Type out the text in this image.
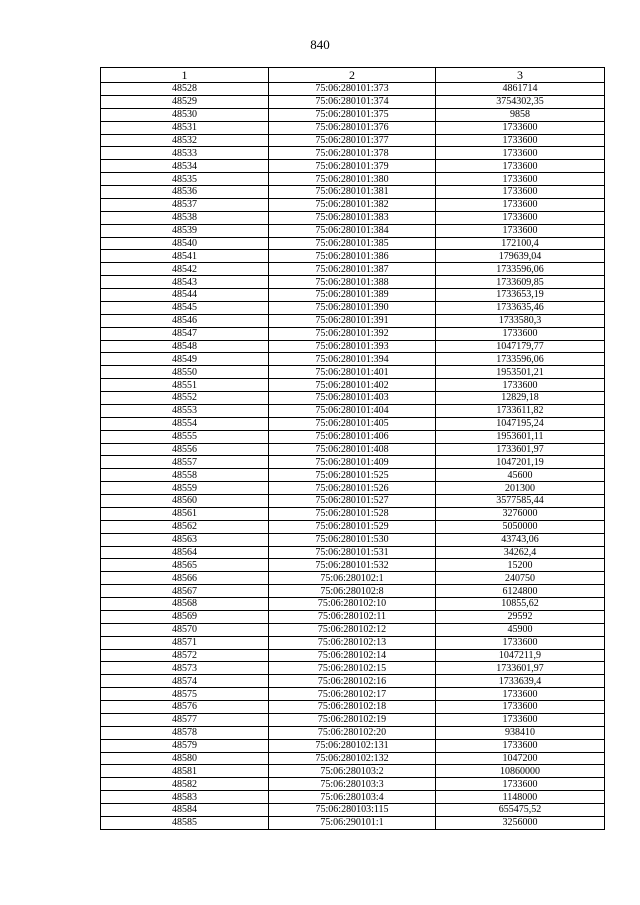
840
1	2	3
48528	75:06:280101:373	4861714
48529	75:06:280101:374	3754302,35
48530	75:06:280101:375	9858
48531	75:06:280101:376	1733600
48532	75:06:280101:377	1733600
48533	75:06:280101:378	1733600
48534	75:06:280101:379	1733600
48535	75:06:280101:380	1733600
48536	75:06:280101:381	1733600
48537	75:06:280101:382	1733600
48538	75:06:280101:383	1733600
48539	75:06:280101:384	1733600
48540	75:06:280101:385	172100,4
48541	75:06:280101:386	179639,04
48542	75:06:280101:387	1733596,06
48543	75:06:280101:388	1733609,85
48544	75:06:280101:389	1733653,19
48545	75:06:280101:390	1733635,46
48546	75:06:280101:391	1733580,3
48547	75:06:280101:392	1733600
48548	75:06:280101:393	1047179,77
48549	75:06:280101:394	1733596,06
48550	75:06:280101:401	1953501,21
48551	75:06:280101:402	1733600
48552	75:06:280101:403	12829,18
48553	75:06:280101:404	1733611,82
48554	75:06:280101:405	1047195,24
48555	75:06:280101:406	1953601,11
48556	75:06:280101:408	1733601,97
48557	75:06:280101:409	1047201,19
48558	75:06:280101:525	45600
48559	75:06:280101:526	201300
48560	75:06:280101:527	3577585,44
48561	75:06:280101:528	3276000
48562	75:06:280101:529	5050000
48563	75:06:280101:530	43743,06
48564	75:06:280101:531	34262,4
48565	75:06:280101:532	15200
48566	75:06:280102:1	240750
48567	75:06:280102:8	6124800
48568	75:06:280102:10	10855,62
48569	75:06:280102:11	29592
48570	75:06:280102:12	45900
48571	75:06:280102:13	1733600
48572	75:06:280102:14	1047211,9
48573	75:06:280102:15	1733601,97
48574	75:06:280102:16	1733639,4
48575	75:06:280102:17	1733600
48576	75:06:280102:18	1733600
48577	75:06:280102:19	1733600
48578	75:06:280102:20	938410
48579	75:06:280102:131	1733600
48580	75:06:280102:132	1047200
48581	75:06:280103:2	10860000
48582	75:06:280103:3	1733600
48583	75:06:280103:4	1148000
48584	75:06:280103:115	655475,52
48585	75:06:290101:1	3256000
